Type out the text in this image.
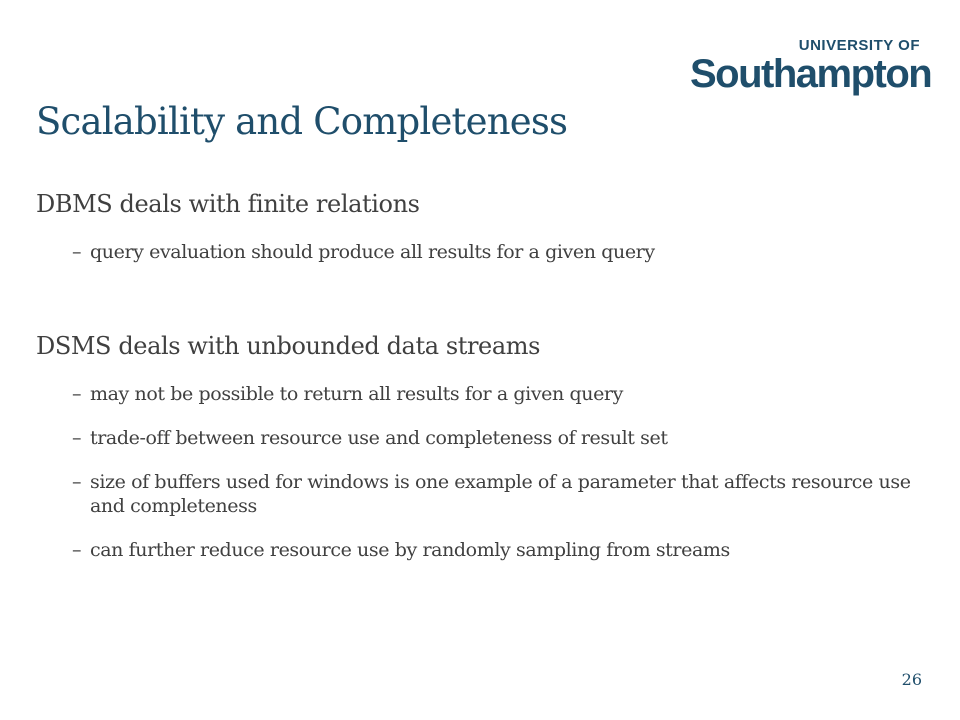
UNIVERSITY OF
Southampton
Scalability and Completeness
DBMS deals with finite relations
– query evaluation should produce all results for a given query
DSMS deals with unbounded data streams
– may not be possible to return all results for a given query
– trade-off between resource use and completeness of result set
– size of buffers used for windows is one example of a parameter that affects resource use and completeness
– can further reduce resource use by randomly sampling from streams
26
